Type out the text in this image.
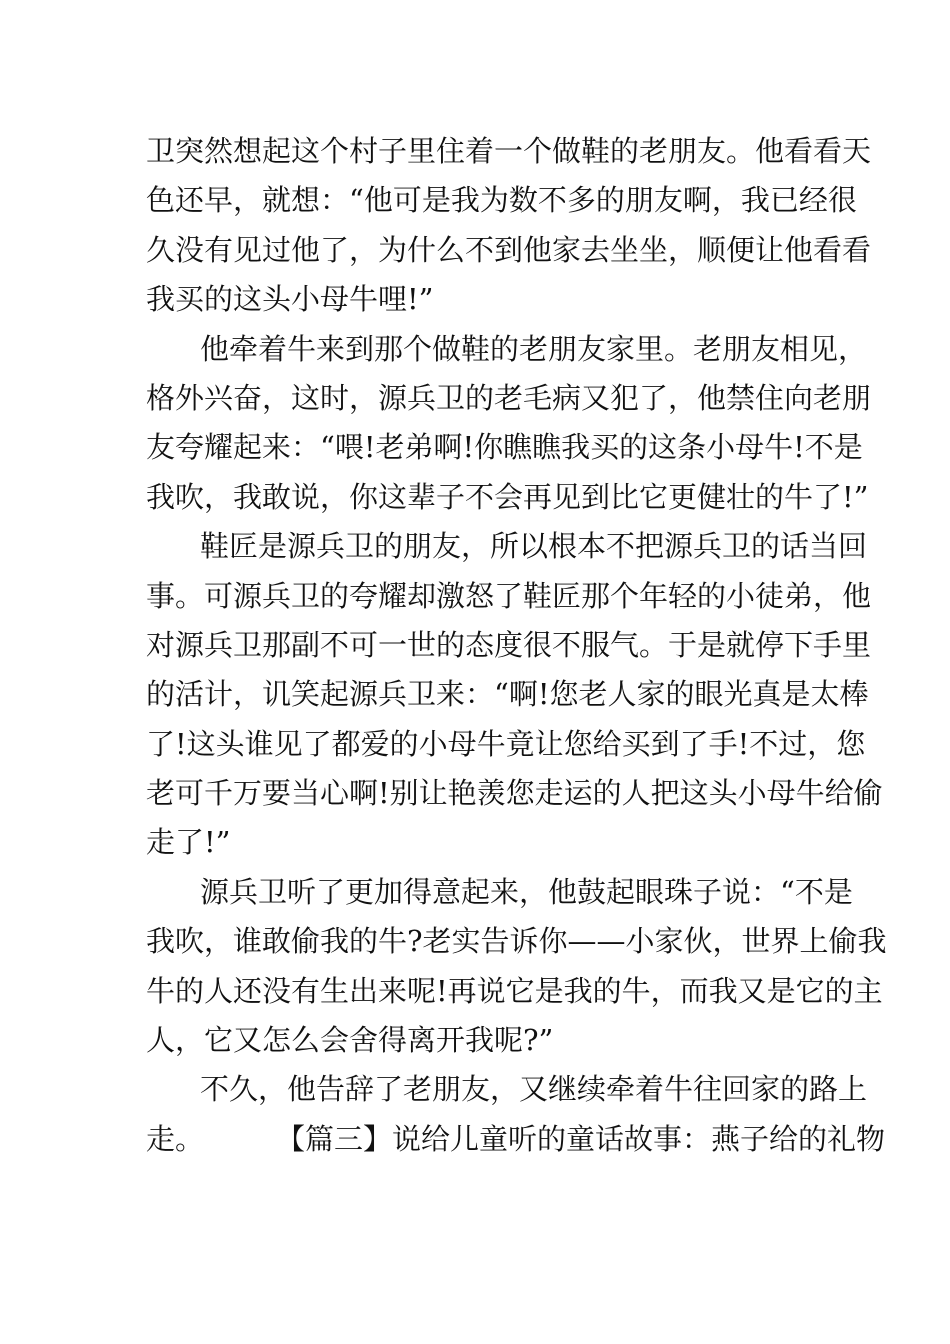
卫突然想起这个村子里住着一个做鞋的老朋友。他看看天
色还早，就想：“他可是我为数不多的朋友啊，我已经很
久没有见过他了，为什么不到他家去坐坐，顺便让他看看
我买的这头小母牛哩!”
他牵着牛来到那个做鞋的老朋友家里。老朋友相见，
格外兴奋，这时，源兵卫的老毛病又犯了，他禁住向老朋
友夸耀起来：“喂!老弟啊!你瞧瞧我买的这条小母牛!不是
我吹，我敢说，你这辈子不会再见到比它更健壮的牛了!”
鞋匠是源兵卫的朋友，所以根本不把源兵卫的话当回
事。可源兵卫的夸耀却激怒了鞋匠那个年轻的小徒弟，他
对源兵卫那副不可一世的态度很不服气。于是就停下手里
的活计，讥笑起源兵卫来：“啊!您老人家的眼光真是太棒
了!这头谁见了都爱的小母牛竟让您给买到了手!不过，您
老可千万要当心啊!别让艳羡您走运的人把这头小母牛给偷
走了!”
源兵卫听了更加得意起来，他鼓起眼珠子说：“不是
我吹，谁敢偷我的牛?老实告诉你——小家伙，世界上偷我
牛的人还没有生出来呢!再说它是我的牛，而我又是它的主
人，它又怎么会舍得离开我呢?”
不久，他告辞了老朋友，又继续牵着牛往回家的路上
走。 【篇三】说给儿童听的童话故事：燕子给的礼物
